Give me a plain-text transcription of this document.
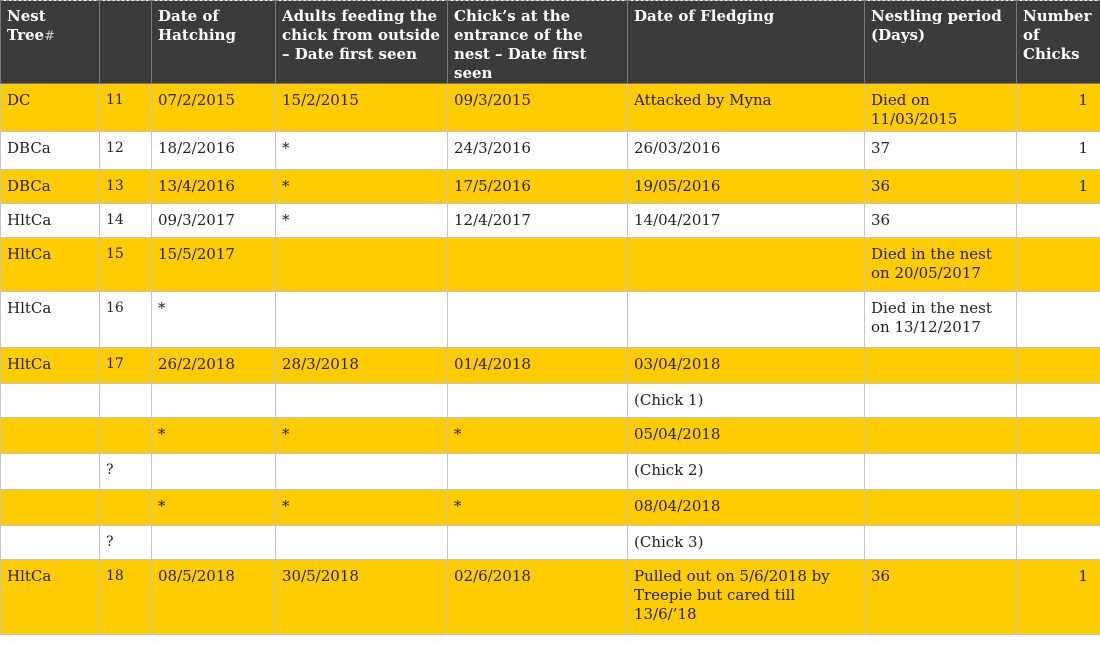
Nest Tree#		Date of Hatching	Adults feeding the chick from outside – Date first seen	Chick’s at the entrance of the nest – Date first seen	Date of Fledging	Nestling period (Days)	Number of Chicks
DC	11	07/2/2015	15/2/2015	09/3/2015	Attacked by Myna	Died on 11/03/2015	1
DBCa	12	18/2/2016	*	24/3/2016	26/03/2016	37	1
DBCa	13	13/4/2016	*	17/5/2016	19/05/2016	36	1
HltCa	14	09/3/2017	*	12/4/2017	14/04/2017	36	
HltCa	15	15/5/2017				Died in the nest on 20/05/2017	
HltCa	16	*				Died in the nest on 13/12/2017	
HltCa	17	26/2/2018	28/3/2018	01/4/2018	03/04/2018		
					(Chick 1)		
		*	*	*	05/04/2018		
	?				(Chick 2)		
		*	*	*	08/04/2018		
	?				(Chick 3)		
HltCa	18	08/5/2018	30/5/2018	02/6/2018	Pulled out on 5/6/2018 by Treepie but cared till 13/6/’18	36	1
